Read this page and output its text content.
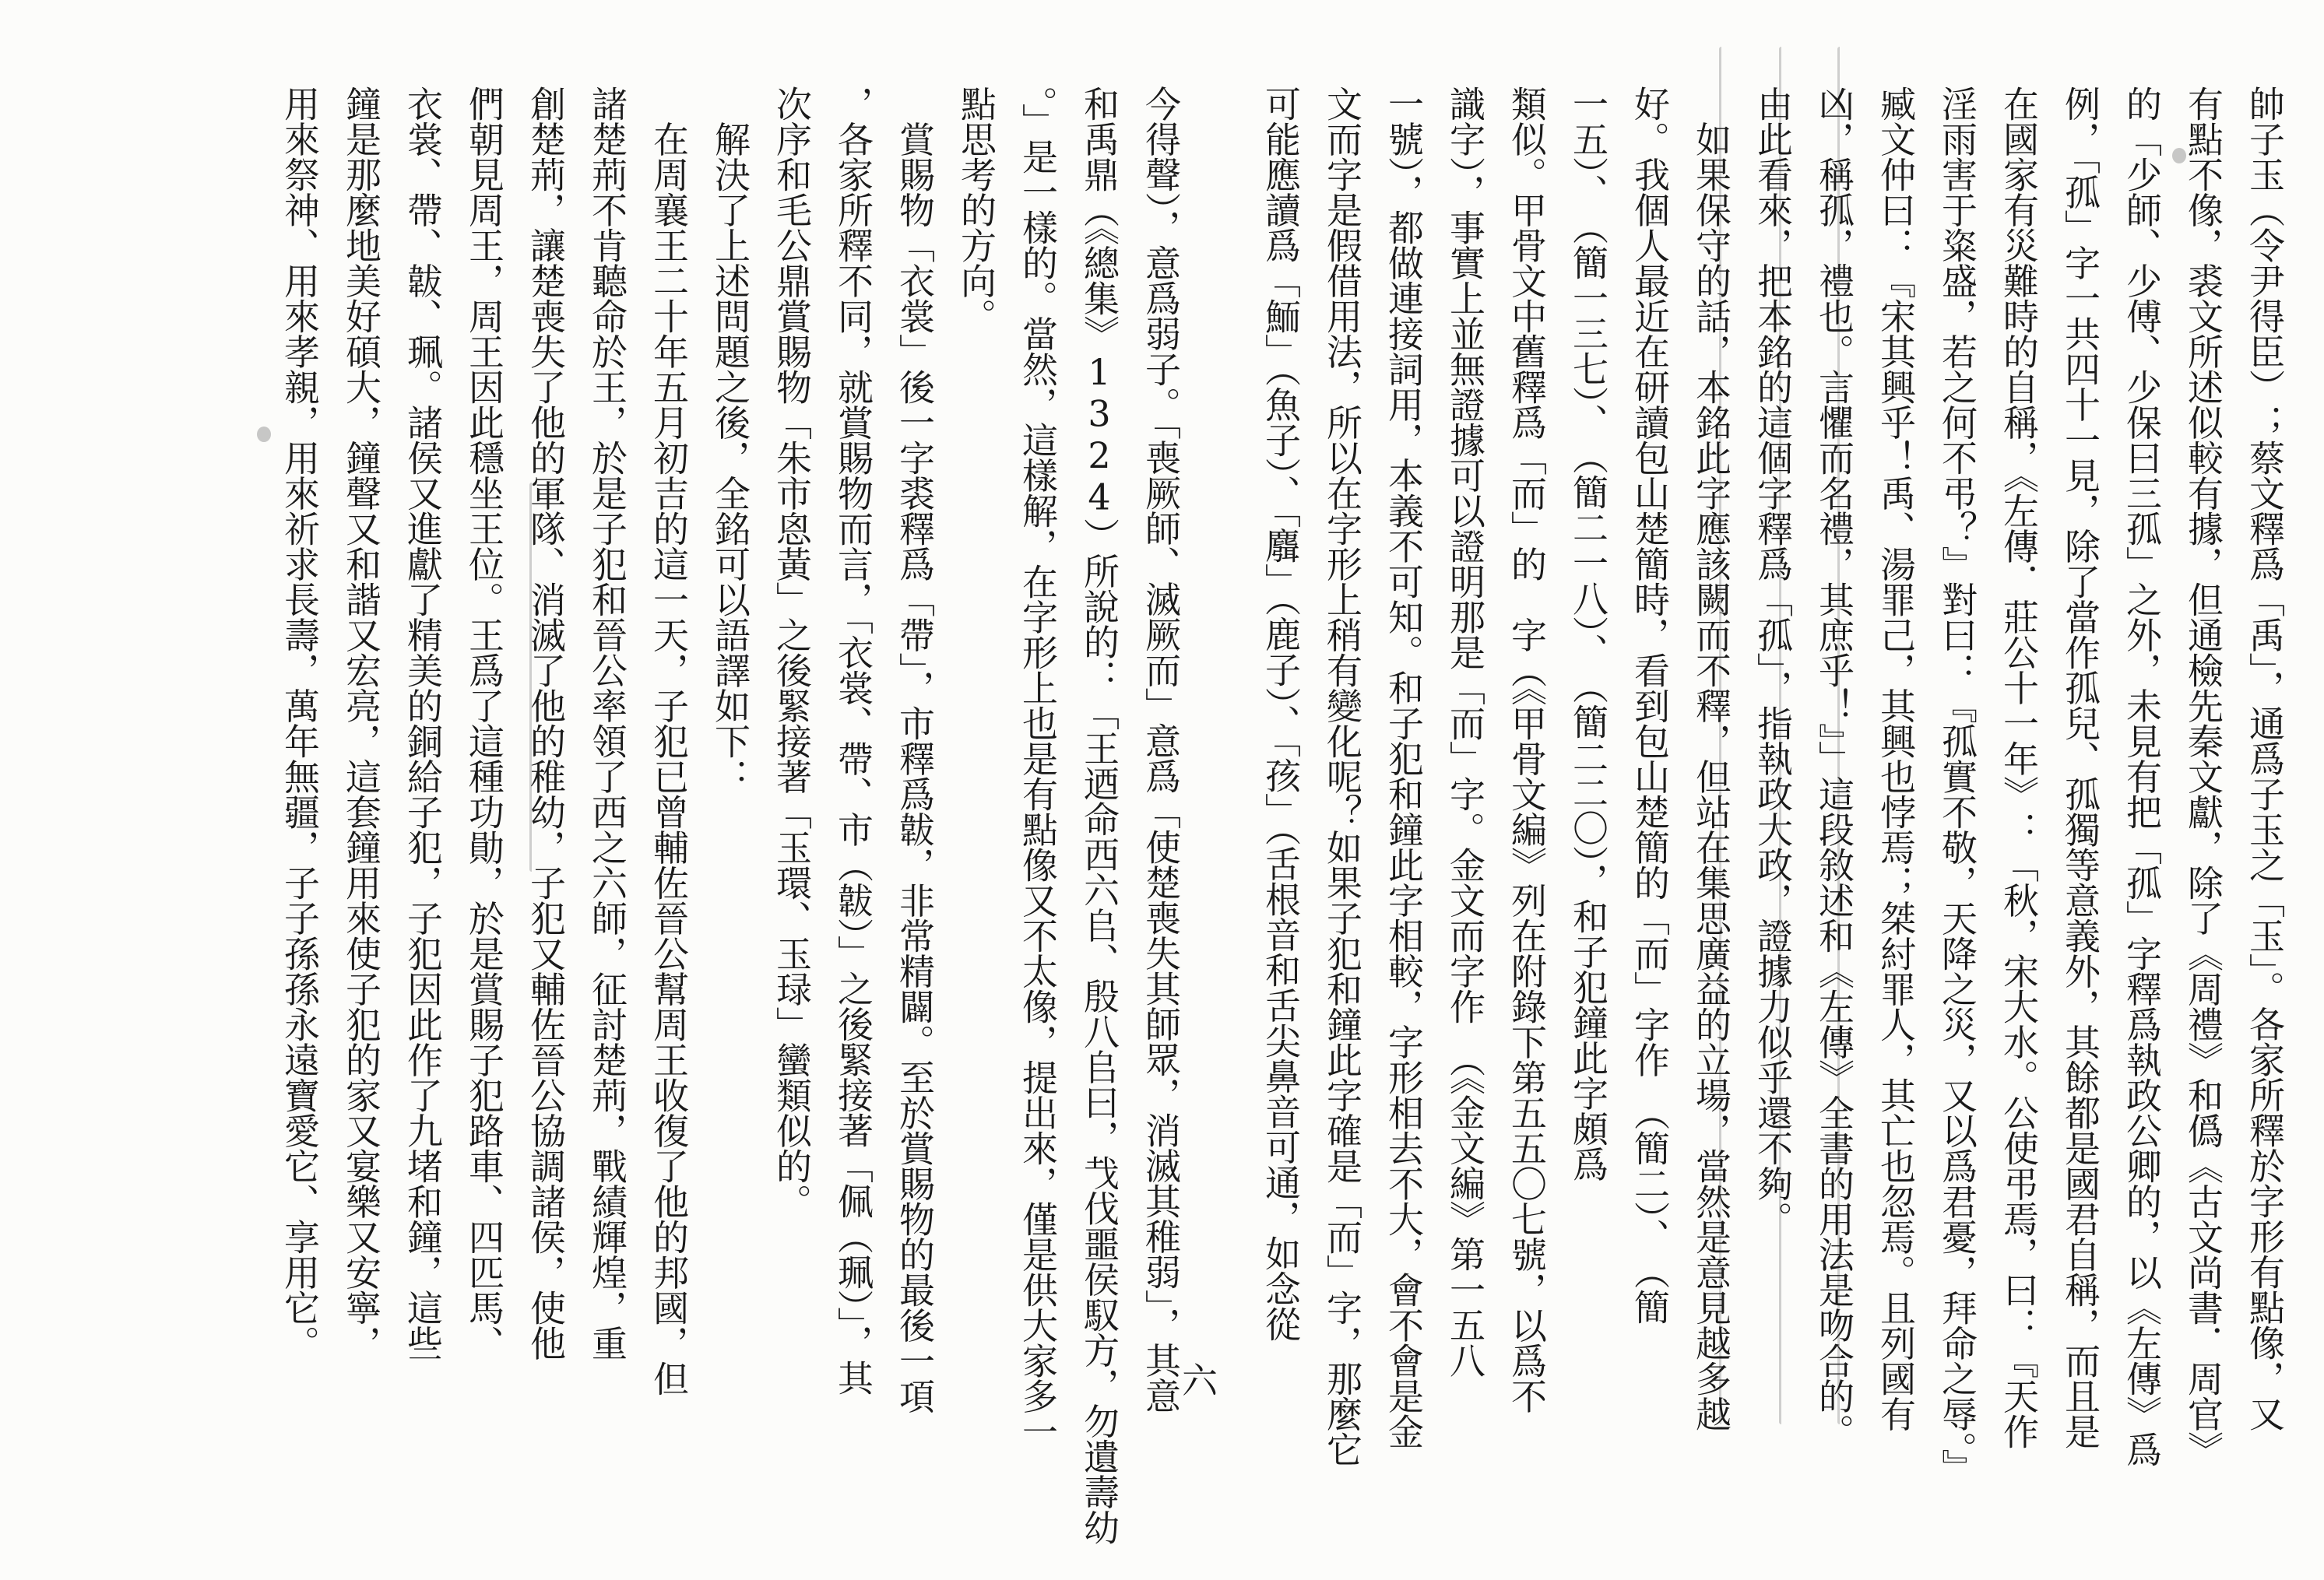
帥子玉（令尹得臣）；蔡文釋爲「禹」，通爲子玉之「玉」。各家所釋於字形有點像，又
有點不像，裘文所述似較有據，但通檢先秦文獻，除了《周禮》和僞《古文尚書．周官》
的「少師、少傅、少保曰三孤」之外，未見有把「孤」字釋爲執政公卿的，以《左傳》爲
例，「孤」字一共四十一見，除了當作孤兒、孤獨等意義外，其餘都是國君自稱，而且是
在國家有災難時的自稱，《左傳．莊公十一年》：「秋，宋大水。公使弔焉，曰：『天作
淫雨害于粢盛，若之何不弔？』對曰：『孤實不敬，天降之災，又以爲君憂，拜命之辱。』
臧文仲曰：『宋其興乎！禹、湯罪己，其興也悖焉；桀紂罪人，其亡也忽焉。且列國有
凶，稱孤，禮也。言懼而名禮，其庶乎！』」這段敘述和《左傳》全書的用法是吻合的。
由此看來，把本銘的這個字釋爲「孤」，指執政大政，證據力似乎還不夠。
　如果保守的話，本銘此字應該闕而不釋，但站在集思廣益的立場，當然是意見越多越
好。我個人最近在研讀包山楚簡時，看到包山楚簡的「而」字作　（簡二）、　（簡
一五）、　（簡一三七）、　（簡二一八）、　（簡二二〇），和子犯鐘此字頗爲
類似。甲骨文中舊釋爲「而」的　字（《甲骨文編》列在附錄下第五五〇七號，以爲不
識字），事實上並無證據可以證明那是「而」字。金文而字作　（《金文編》第一五八
一號），都做連接詞用，本義不可知。和子犯和鐘此字相較，字形相去不大，會不會是金
文而字是假借用法，所以在字形上稍有變化呢？如果子犯和鐘此字確是「而」字，那麼它
可能應讀爲「鮞」（魚子）、「麛」（鹿子）、「孩」（舌根音和舌尖鼻音可通，如念從
六
今得聲），意爲弱子。「喪厥師、滅厥而」意爲「使楚喪失其師眾，消滅其稚弱」，其意
和禹鼎（《總集》1324）所說的：「王迺命西六𠂤、殷八𠂤曰，𢦏伐噩侯馭方，勿遺壽幼
。」是一樣的。當然，這樣解，在字形上也是有點像又不太像，提出來，僅是供大家多一
點思考的方向。
　賞賜物「衣裳」後一字裘釋爲「帶」，市釋爲韍，非常精闢。至於賞賜物的最後一項
，各家所釋不同，就賞賜物而言，「衣裳、帶、市（韍）」之後緊接著「佩（珮）」，其
次序和毛公鼎賞賜物「朱市恖黃」之後緊接著「玉環、玉琭」蠻類似的。
　解決了上述問題之後，全銘可以語譯如下：
　在周襄王二十年五月初吉的這一天，子犯已曾輔佐晉公幫周王收復了他的邦國，但
諸楚荊不肯聽命於王，於是子犯和晉公率領了西之六師，征討楚荊，戰績輝煌，重
創楚荊，讓楚喪失了他的軍隊、消滅了他的稚幼，子犯又輔佐晉公協調諸侯，使他
們朝見周王，周王因此穩坐王位。王爲了這種功勛，於是賞賜子犯路車、四匹馬、
衣裳、帶、韍、珮。諸侯又進獻了精美的銅給子犯，子犯因此作了九堵和鐘，這些
鐘是那麼地美好碩大，鐘聲又和諧又宏亮，這套鐘用來使子犯的家又宴樂又安寧，
用來祭神、用來孝親，用來祈求長壽，萬年無疆，子子孫孫永遠寶愛它、享用它。
